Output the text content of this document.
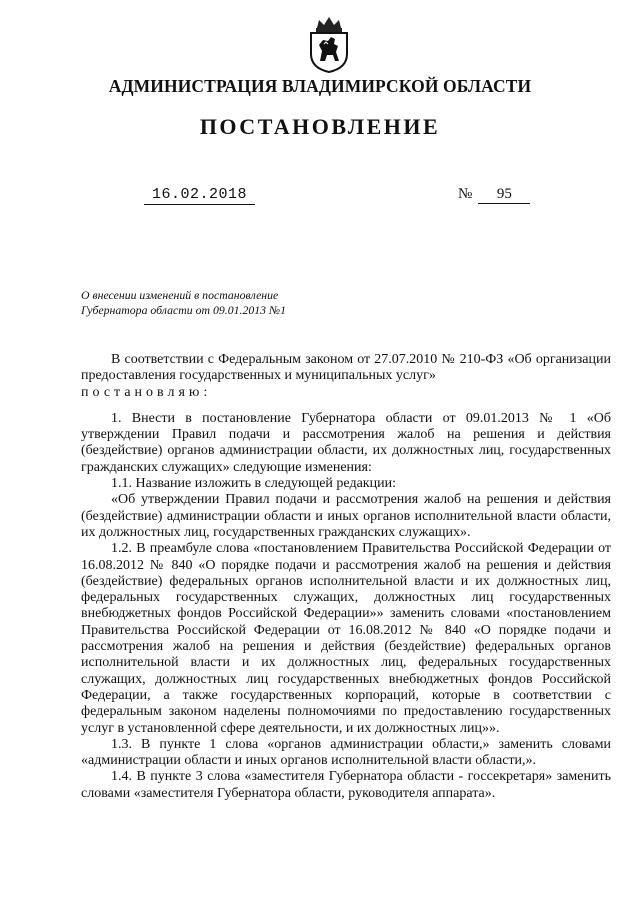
АДМИНИСТРАЦИЯ ВЛАДИМИРСКОЙ ОБЛАСТИ
ПОСТАНОВЛЕНИЕ
16.02.2018	№ 95
О внесении изменений в постановление
Губернатора области от 09.01.2013 №1

В соответствии с Федеральным законом от 27.07.2010 № 210-ФЗ «Об организации предоставления государственных и муниципальных услуг»

постановляю:

1. Внести в постановление Губернатора области от 09.01.2013 № 1 «Об утверждении Правил подачи и рассмотрения жалоб на решения и действия (бездействие) органов администрации области, их должностных лиц, государственных гражданских служащих» следующие изменения:

1.1. Название изложить в следующей редакции:

«Об утверждении Правил подачи и рассмотрения жалоб на решения и действия (бездействие) администрации области и иных органов исполнительной власти области, их должностных лиц, государственных гражданских служащих».

1.2. В преамбуле слова «постановлением Правительства Российской Федерации от 16.08.2012 № 840 «О порядке подачи и рассмотрения жалоб на решения и действия (бездействие) федеральных органов исполнительной власти и их должностных лиц, федеральных государственных служащих, должностных лиц государственных внебюджетных фондов Российской Федерации»» заменить словами «постановлением Правительства Российской Федерации от 16.08.2012 № 840 «О порядке подачи и рассмотрения жалоб на решения и действия (бездействие) федеральных органов исполнительной власти и их должностных лиц, федеральных государственных служащих, должностных лиц государственных внебюджетных фондов Российской Федерации, а также государственных корпораций, которые в соответствии с федеральным законом наделены полномочиями по предоставлению государственных услуг в установленной сфере деятельности, и их должностных лиц»».

1.3. В пункте 1 слова «органов администрации области,» заменить словами «администрации области и иных органов исполнительной власти области,».

1.4. В пункте 3 слова «заместителя Губернатора области - госсекретаря» заменить словами «заместителя Губернатора области, руководителя аппарата».
